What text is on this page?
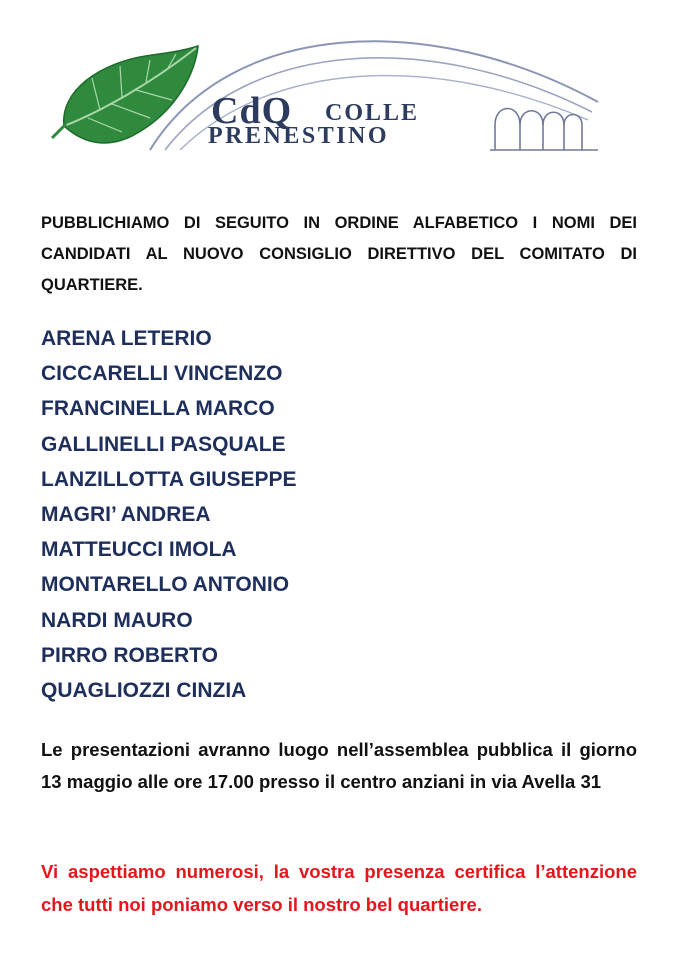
CdQ COLLE
PRENESTINO

PUBBLICHIAMO DI SEGUITO IN ORDINE ALFABETICO I NOMI DEI CANDIDATI AL NUOVO CONSIGLIO DIRETTIVO DEL COMITATO DI QUARTIERE.

ARENA LETERIO
CICCARELLI VINCENZO
FRANCINELLA MARCO
GALLINELLI PASQUALE
LANZILLOTTA GIUSEPPE
MAGRI’ ANDREA
MATTEUCCI IMOLA
MONTARELLO ANTONIO
NARDI MAURO
PIRRO ROBERTO
QUAGLIOZZI CINZIA

Le presentazioni avranno luogo nell’assemblea pubblica il giorno 13 maggio alle ore 17.00 presso il centro anziani in via Avella 31

Vi aspettiamo numerosi, la vostra presenza certifica l’attenzione che tutti noi poniamo verso il nostro bel quartiere.
